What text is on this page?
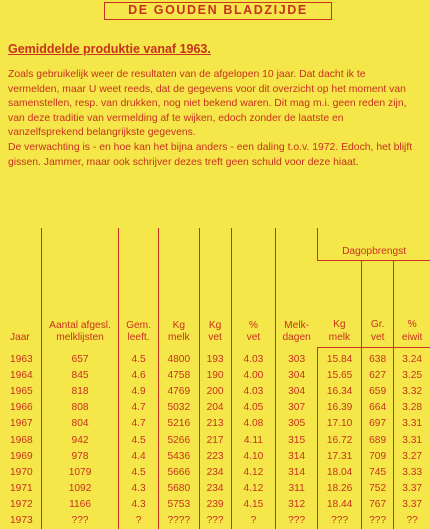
DE GOUDEN BLADZIJDE
Gemiddelde produktie vanaf 1963.

Zoals gebruikelijk weer de resultaten van de afgelopen 10 jaar. Dat dacht ik te vermelden, maar U weet reeds, dat de gegevens voor dit overzicht op het moment van samenstellen, resp. van drukken, nog niet bekend waren. Dit mag m.i. geen reden zijn, van deze traditie van vermelding af te wijken, edoch zonder de laatste en vanzelfsprekend belangrijkste gegevens.

De verwachting is - en hoe kan het bijna anders - een daling t.o.v. 1972. Edoch, het blijft gissen. Jammer, maar ook schrijver dezes treft geen schuld voor deze hiaat.

Jaar	Aantal afgesl. melklijsten	Gem. leeft.	Kg melk	Kg vet	% vet	Melk-dagen	Dagopbrengst		

							Kg melk	Gr. vet	% eiwit

1963	657	4.5	4800	193	4.03	303	15.84	638	3.24
1964	845	4.6	4758	190	4.00	304	15.65	627	3.25
1965	818	4.9	4769	200	4.03	304	16.34	659	3.32
1966	808	4.7	5032	204	4.05	307	16.39	664	3.28
1967	804	4.7	5216	213	4.08	305	17.10	697	3.31
1968	942	4.5	5266	217	4.11	315	16.72	689	3.31
1969	978	4.4	5436	223	4.10	314	17.31	709	3.27
1970	1079	4.5	5666	234	4.12	314	18.04	745	3.33
1971	1092	4.3	5680	234	4.12	311	18.26	752	3.37
1972	1166	4.3	5753	239	4.15	312	18.44	767	3.37
1973	???	?	????	???	?	???	???	???	??
